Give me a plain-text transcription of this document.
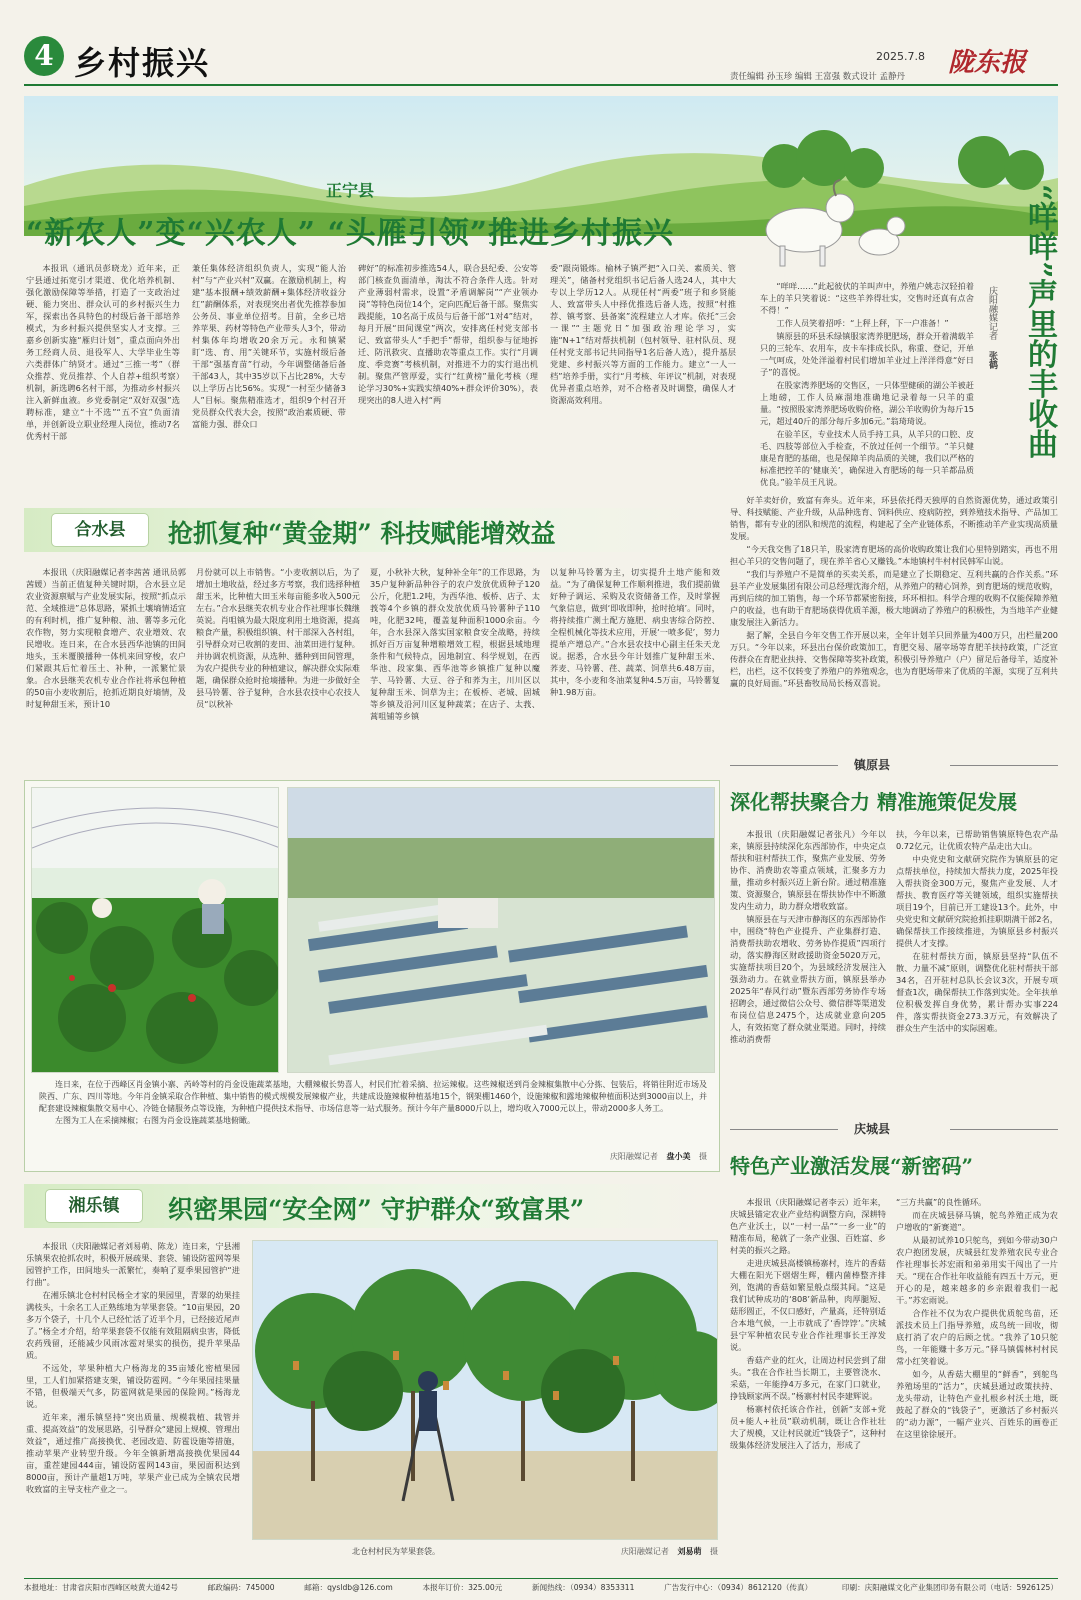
4 乡村振兴	2025.7.8 陇东报
责任编辑 孙玉珍 编辑 王富强 数式设计 孟静丹
正宁县
“新农人”变“兴农人” “头雁引领”推进乡村振兴
本报讯（通讯员彭晓龙）近年来，正宁县通过拓宽引才渠道、优化培养机制、强化激励保障等举措，打造了一支政治过硬、能力突出、群众认可的乡村振兴生力军，探索出各具特色的村级后备干部培养模式，为乡村振兴提供坚实人才支撑。三嘉乡创新实施“雁归计划”，重点面向外出务工经商人员、退役军人、大学毕业生等六类群体广纳贤才。通过“三推一考”（群众推荐、党员推荐、个人自荐+组织考察）机制，新选聘6名村干部，为推动乡村振兴注入新鲜血液。乡党委制定“双好双强”选聘标准，建立“十不选”“五不宜”负面清单，并创新设立职业经理人岗位，推动7名优秀村干部
兼任集体经济组织负责人，实现“能人治村”与“产业兴村”双赢。在激励机制上，构建“基本报酬+绩效薪酬+集体经济收益分红”薪酬体系，对表现突出者优先推荐参加公务员、事业单位招考。目前，全乡已培养苹果、药材等特色产业带头人3个，带动村集体年均增收20余万元。永和镇紧盯“选、育、用”关键环节，实施村级后备干部“强基育苗”行动，今年调整储备后备干部43人，其中35岁以下占比28%，大专以上学历占比56%。实现“一村至少储备3人”目标。聚焦精准选才，组织9个村召开党员群众代表大会，按照“政治素质硬、带富能力强、群众口
碑好”的标准初步推选54人，联合县纪委、公安等部门核查负面清单，淘汰不符合条件人选。针对产业薄弱村需求，设置“矛盾调解岗”“产业领办岗”等特色岗位14个，定向匹配后备干部。聚焦实践提能，10名高于成员与后备干部“1对4”结对，每月开展“田间课堂”两次，安排离任村党支部书记、致富带头人“手把手”帮带，组织参与征地拆迁、防汛救灾、直播助农等重点工作。实行“月调度、季竞赛”考核机制，对推进不力的实行退出机制。聚焦严管厚爱，实行“红黄榜”量化考核（理论学习30%+实践实绩40%+群众评价30%），表现突出的8人进入村“两
委”跟岗锻炼。榆林子镇严把“入口关、素质关、管理关”，储备村党组织书记后备人选24人，其中大专以上学历12人。从现任村“两委”班子和乡贤能人、致富带头人中择优推选后备人选，按照“村推荐、镇考察、县备案”流程建立人才库。依托“三会一课”“主题党日”加强政治理论学习，实施“N+1”结对帮扶机制（包村领导、驻村队员、现任村党支部书记共同指导1名后备人选），提升基层党建、乡村振兴等方面的工作能力。建立“一人一档”培养手册，实行“月考核、年评议”机制，对表现优异者重点培养，对不合格者及时调整，确保人才资源高效利用。	“咩咩”声里的丰收曲
庆阳融媒记者 张鹤

“咩咩……”此起彼伏的羊叫声中，养殖户姚志汉轻拍着车上的羊只笑着说：“这些羊养得壮实，交售时还真有点舍不得！”

工作人员笑着招呼：“上秤上秤，下一户准备！”

镇原县的环县禾绿镇服家湾养肥肥场，群众开着满载羊只的三轮车、农用车，皮卡车排成长队，称重、登记，开单一气呵成，处处洋溢着村民们增加羊业过上洋洋得意“好日子”的喜悦。

在股家湾养肥场的交售区，一只体型健硕的湖公羊被赶上地磅，工作人员麻溜地准确地记录着每一只羊的重量。“按照股家湾养肥场收购价格，湖公羊收购价为每斤15元，超过40斤的部分每斤多加6元。”翁琦琦说。

在验羊区，专业技术人员手持工具，从羊只的口腔、皮毛、四肢等部位入手检查，不放过任何一个细节。“羊只健康是育肥的基础，也是保障羊肉品质的关键，我们以严格的标准把控羊的‘健康关’，确保进入育肥场的每一只羊都品质优良。”验羊员王凡说。

好羊卖好价，致富有奔头。近年来，环县依托得天独厚的自然资源优势，通过政策引导、科技赋能、产业升级，从品种选育、饲料供应、疫病防控，到养殖技术指导、产品加工销售，都有专业的团队和规范的流程，构建起了全产业链体系，不断推动羊产业实现高质量发展。

“今天我交售了18只羊，股家湾育肥场的高价收购政策让我们心里特别踏实，再也不用担心羊只的交售问题了，现在养羊省心又赚钱。”本地镇村牛村村民韩军山说。

“我们与养殖户不是简单的买卖关系，而是建立了长期稳定、互利共赢的合作关系。”环县羊产业发展集团有限公司总经理沈海介绍，从养殖户的精心饲养，到育肥场的规范收购，再到后续的加工销售，每一个环节都紧密衔接，环环相扣。科学合理的收购不仅能保障养殖户的收益，也有助于育肥场获得优质羊源，极大地调动了养殖户的积极性，为当地羊产业健康发展注入新活力。

据了解，全县自今年交售工作开展以来，全年计划羊只回养量为400万只，出栏量200万只。“今年以来，环县出台保价政策加工，育肥交易、屠宰场等育肥羊扶持政策，广泛宣传群众在育肥业扶持、交售保障等奖补政策，积极引导养殖户（户）留足后备母羊，适度补栏，出栏，这不仅转变了养殖户的养殖观念，也为育肥场带来了优质的羊源，实现了互利共赢的良好局面。”环县畜牧局局长杨双喜说。

合水县	抢抓复种“黄金期” 科技赋能增效益
本报讯（庆阳融媒记者李茜茜 通讯员郭茜媛）当前正值复种关键时期，合水县立足农业资源禀赋与产业发展实际，按照“抓点示范、全域推进”总体思路，紧抓土壤墒情适宜的有利时机，推广复种粮、油、薯等多元化农作物，努力实现粮食增产、农业增效、农民增收。连日来，在合水县西华池镇的田间地头，玉米覆膜播种一体机来回穿梭，农户们紧跟其后忙着压土、补种，一派繁忙景象。合水县继芙农机专业合作社将承包种植的50亩小麦收割后，抢抓近期良好墒情，及时复种甜玉米，预计10
月份就可以上市销售。“小麦收割以后，为了增加土地收益，经过多方考察，我们选择种植甜玉米，比种植大田玉米每亩能多收入500元左右。”合水县继芙农机专业合作社理事长魏继英说。肖咀镇为最大限度利用土地资源，提高粮食产量，积极组织镇、村干部深入各村组，引导群众对已收割的麦田、油菜田进行复种。并协调农机资源，从选种、播种到田间管理，为农户提供专业的种植建议，解决群众实际难题，确保群众抢时抢墒播种。为进一步做好全县马铃薯、谷子复种，合水县农技中心农技人员“以秋补
夏，小秋补大秋，复种补全年”的工作思路，为35户复种新品种谷子的农户发放优质种子120公斤，化肥1.2吨，为西华池、板桥、店子、太莪等4个乡镇的群众发放优质马铃薯种子110吨，化肥32吨，覆盖复种面积1000余亩。今年，合水县深入落实国家粮食安全战略，持续抓好百万亩复种增粮增效工程，根据县域地理条件和气候特点，因地制宜、科学规划，在西华池、段家集、西华池等乡镇推广复种以魔芋、马铃薯、大豆、谷子和荞为主，川川区以复种甜玉米、饲草为主；在板桥、老城、固城等乡镇及沿河川区复种蔬菜；在店子、太莪、蒿咀铺等乡镇
以复种马铃薯为主，切实提升土地产能和效益。“为了确保复种工作顺利推进，我们提前做好种子调运、采购及农资储备工作，及时掌握气象信息，做到‘即收即种，抢时抢墒’。同时，将持续推广测土配方施肥、病虫害综合防控、全程机械化等技术应用，开展‘一喷多促’，努力提单产增总产。”合水县农技中心副主任朱天龙说。据悉，合水县今年计划推广复种甜玉米、荞麦、马铃薯、荏、蔬菜、饲草共6.48万亩，其中，冬小麦和冬油菜复种4.5万亩，马铃薯复种1.98万亩。

连日来，在位于西峰区肖金镇小寨、芮岭等村的肖金设施蔬菜基地，大棚辣椒长势喜人，村民们忙着采摘、拉运辣椒。这些辣椒送到肖金辣椒集散中心分拣、包装后，将销往附近市场及陕西、广东、四川等地。今年肖金镇采取合作种植、集中销售的模式规模发展辣椒产业，共建成设施辣椒种植基地15个，钢架棚1460个，设施辣椒和露地辣椒种植面积达到3000亩以上，并配套建设辣椒集散交易中心、冷链仓储服务点等设施，为种植户提供技术指导、市场信息等一站式服务。预计今年产量8000斤以上，增均收入7000元以上，带动2000多人务工。

左图为工人在采摘辣椒；右图为肖金设施蔬菜基地俯瞰。

庆阳融媒记者 盘小美 摄
湘乐镇	织密果园“安全网” 守护群众“致富果”

本报讯（庆阳融媒记者刘易萌、陈龙）连日来，宁县湘乐镇果农抢抓农时，积极开展疏果、套袋、铺设防雹网等果园管护工作，田间地头一派繁忙，奏响了夏季果园管护“进行曲”。

在湘乐镇北仓村村民杨全才家的果园里，青翠的幼果挂满枝头，十余名工人正熟练地为苹果套袋。“10亩果园，20多万个袋子，十几个人已经忙活了近半个月，已经接近尾声了。”杨全才介绍，给苹果套袋不仅能有效阻隔病虫害，降低农药残留，还能减少风雨冰雹对果实的损伤，提升苹果品质。

不远处，苹果种植大户杨海龙的35亩矮化密植果园里，工人们加紧搭建支架，铺设防雹网。“今年果园挂果量不错，但极端天气多，防雹网就是果园的保险网。”杨海龙说。

近年来，湘乐镇坚持“突出质量、规模栽植、栽管并重、提高效益”的发展思路，引导群众“建园上规模、管理出效益”，通过推广高接换优、老园改造、防雹设施等措施，推动苹果产业转型升级。今年全镇新增高接换优果园44亩，重茬建园444亩，铺设防雹网143亩，果园面积达到8000亩，预计产量超1万吨，苹果产业已成为全镇农民增收致富的主导支柱产业之一。

北仓村村民为苹果套袋。	庆阳融媒记者 刘易萌 摄
镇原县
深化帮扶聚合力 精准施策促发展

本报讯（庆阳融媒记者张凡）今年以来，镇原县持续深化东西部协作，中央定点帮扶和驻村帮扶工作，聚焦产业发展、劳务协作、消费助农等重点领域，汇聚多方力量，推动乡村振兴迈上新台阶。通过精准施策、资源聚合，镇原县在帮扶协作中不断激发内生动力，助力群众增收致富。

镇原县在与天津市静海区的东西部协作中，围绕“特色产业提升、产业集群打造、消费帮扶助农增收、劳务协作提质”四项行动，落实静海区财政援助资金5020万元，实施帮扶项目20个，为县域经济发展注入强劲动力。在就业帮扶方面，镇原县举办2025年“春风行动”暨东西部劳务协作专场招聘会，通过微信公众号、微信群等渠道发布岗位信息2475个，达成就业意向205人，有效拓宽了群众就业渠道。同时，持续推动消费帮

扶，今年以来，已帮助销售镇原特色农产品0.72亿元，让优质农特产品走出大山。

中央党史和文献研究院作为镇原县的定点帮扶单位，持续加大帮扶力度，2025年投入帮扶资金300万元，聚焦产业发展、人才帮扶、教育医疗等关键领域，组织实施帮扶项目19个，目前已开工建设13个。此外，中央党史和文献研究院抢抓挂职期满干部2名，确保帮扶工作接续推进，为镇原县乡村振兴提供人才支撑。

在驻村帮扶方面，镇原县坚持“队伍不散、力量不减”原则，调整优化驻村帮扶干部34名，召开驻村总队长会议3次，开展专项督查1次，确保帮扶工作落到实处。全年扶单位积极发挥自身优势，累计帮办实事224件，落实帮扶资金273.3万元，有效解决了群众生产生活中的实际困难。

庆城县
特色产业激活发展“新密码”

本报讯（庆阳融媒记者李云）近年来，庆城县锚定农业产业结构调整方向，深耕特色产业沃土，以“一村一品”“一乡一业”的精准布局，秘就了一条产业强、百姓富、乡村美的振兴之路。

走进庆城县高楼镇杨寨村，连片的香菇大棚在阳光下熠熠生辉，棚内菌棒整齐排列，饱满的香菇如繁星般点缀其间。“这是我们试种成功的‘808’新品种，肉厚腿短、菇形圆正，不仅口感好，产量高，还特别适合本地气候，一上市就成了‘香饽饽’。”庆城县宁军种植农民专业合作社理事长王淳发说。

香菇产业的红火，让周边村民尝到了甜头。“我在合作社当长期工，主要管浇水、采菇，一年能挣4万多元，在家门口就业，挣钱顾家两不误。”杨寨村村民李建辉说。

杨寨村依托该合作社，创新“支部+党员+能人+社员”联动机制，既让合作社壮大了规模，又让村民就近“钱袋子”，这种村级集体经济发展注入了活力，形成了

“三方共赢”的良性循环。

而在庆城县驿马镇，鸵鸟养殖正成为农户增收的“新赛道”。

从最初试养10只鸵鸟，到如今带动30户农户抱团发展，庆城县红发养殖农民专业合作社理事长苏宏雨和弟弟用实干闯出了一片天。“现在合作社年收益能有四五十万元，更开心的是，越来越多的乡亲跟着我们一起干。”苏宏雨说。

合作社不仅为农户提供优质鸵鸟苗，还派技术员上门指导养殖，成鸟统一回收，彻底打消了农户的后顾之忧。“我养了10只鸵鸟，一年能赚十多万元。”驿马镇儒林村村民常小红笑着说。

如今，从香菇大棚里的“鲜香”，到鸵鸟养殖场里的“活力”，庆城县通过政策扶持、龙头带动，让特色产业扎根乡村沃土地，既鼓起了群众的“钱袋子”，更激活了乡村振兴的“动力源”，一幅产业兴、百姓乐的画卷正在这里徐徐展开。

本报地址：甘肃省庆阳市西峰区岐黄大道42号	邮政编码：745000	邮箱：qysldb@126.com	本报年订价：325.00元	新闻热线：（0934）8353311	广告发行中心：（0934）8612120（传真）	印刷：庆阳融媒文化产业集团印务有限公司（电话：5926125）
